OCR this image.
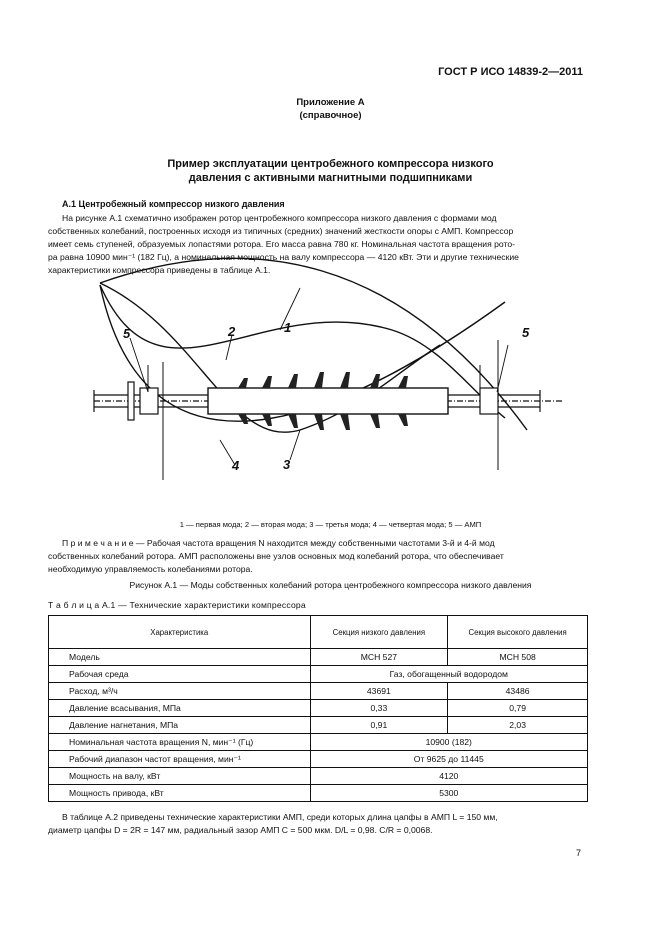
ГОСТ Р ИСО 14839-2—2011
Приложение А
(справочное)
Пример эксплуатации центробежного компрессора низкого
давления с активными магнитными подшипниками
А.1 Центробежный компрессор низкого давления
На рисунке А.1 схематично изображен ротор центробежного компрессора низкого давления с формами мод
собственных колебаний, построенных исходя из типичных (средних) значений жесткости опоры с АМП. Компрессор
имеет семь ступеней, образуемых лопастями ротора. Его масса равна 780 кг. Номинальная частота вращения рото-
ра равна 10900 мин⁻¹ (182 Гц), а номинальная мощность на валу компрессора — 4120 кВт. Эти и другие технические
характеристики компрессора приведены в таблице А.1.
5	2	1	5
4	3
1 — первая мода; 2 — вторая мода; 3 — третья мода; 4 — четвертая мода; 5 — АМП
П р и м е ч а н и е — Рабочая частота вращения N находится между собственными частотами 3-й и 4-й мод
собственных колебаний ротора. АМП расположены вне узлов основных мод колебаний ротора, что обеспечивает
необходимую управляемость колебаниями ротора.
Рисунок А.1 — Моды собственных колебаний ротора центробежного компрессора низкого давления
Т а б л и ц а А.1 — Технические характеристики компрессора
Характеристика	Секция низкого давления	Секция высокого давления
Модель	MCH 527	MCH 508
Рабочая среда	Газ, обогащенный водородом	
Расход, м³/ч	43691	43486
Давление всасывания, МПа	0,33	0,79
Давление нагнетания, МПа	0,91	2,03
Номинальная частота вращения N, мин⁻¹ (Гц)	10900 (182)	
Рабочий диапазон частот вращения, мин⁻¹	От 9625 до 11445	
Мощность на валу, кВт	4120	
Мощность привода, кВт	5300	
В таблице А.2 приведены технические характеристики АМП, среди которых длина цапфы в АМП L = 150 мм,
диаметр цапфы D = 2R = 147 мм, радиальный зазор АМП C = 500 мкм. D/L = 0,98. C/R = 0,0068.
7
